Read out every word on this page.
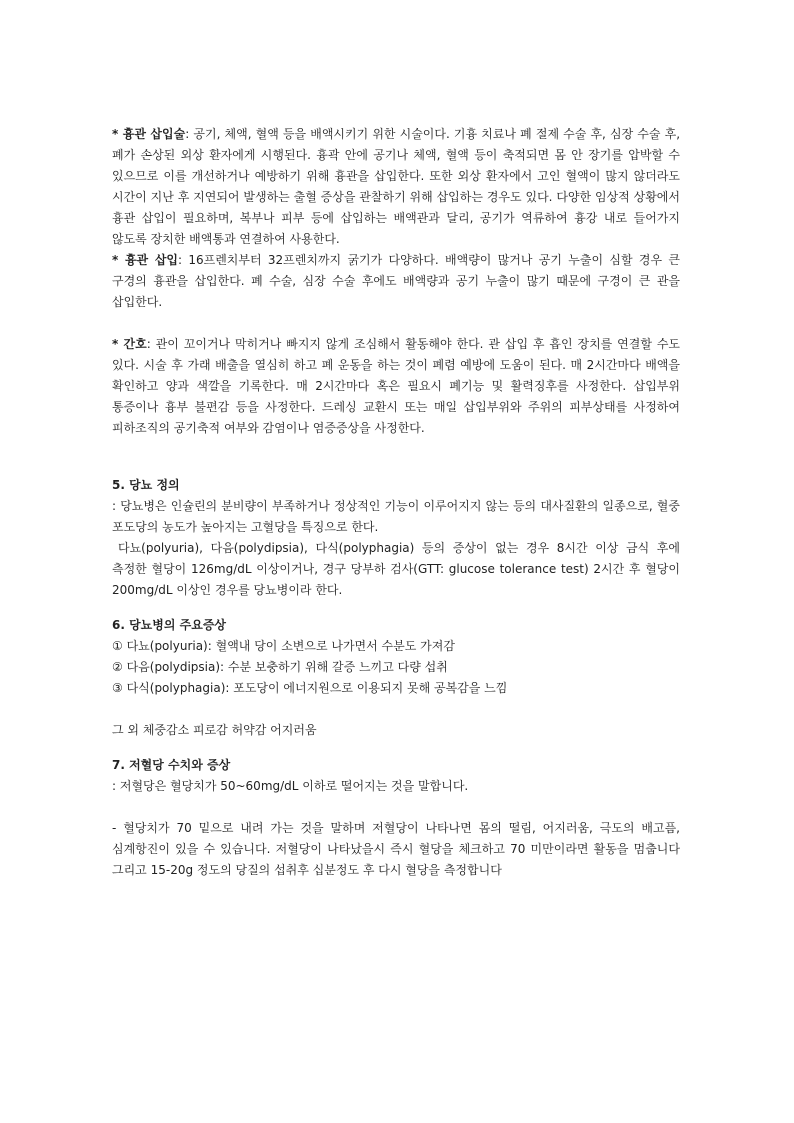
* 흉관 삽입술: 공기, 체액, 혈액 등을 배액시키기 위한 시술이다. 기흉 치료나 폐 절제 수술 후, 심장 수술 후, 폐가 손상된 외상 환자에게 시행된다. 흉곽 안에 공기나 체액, 혈액 등이 축적되면 몸 안 장기를 압박할 수 있으므로 이를 개선하거나 예방하기 위해 흉관을 삽입한다. 또한 외상 환자에서 고인 혈액이 많지 않더라도 시간이 지난 후 지연되어 발생하는 출혈 증상을 관찰하기 위해 삽입하는 경우도 있다. 다양한 임상적 상황에서 흉관 삽입이 필요하며, 복부나 피부 등에 삽입하는 배액관과 달리, 공기가 역류하여 흉강 내로 들어가지 않도록 장치한 배액통과 연결하여 사용한다.

* 흉관 삽입: 16프렌치부터 32프렌치까지 굵기가 다양하다. 배액량이 많거나 공기 누출이 심할 경우 큰 구경의 흉관을 삽입한다. 폐 수술, 심장 수술 후에도 배액량과 공기 누출이 많기 때문에 구경이 큰 관을 삽입한다.

* 간호: 관이 꼬이거나 막히거나 빠지지 않게 조심해서 활동해야 한다. 관 삽입 후 흡인 장치를 연결할 수도 있다. 시술 후 가래 배출을 열심히 하고 폐 운동을 하는 것이 폐렴 예방에 도움이 된다. 매 2시간마다 배액을 확인하고 양과 색깔을 기록한다. 매 2시간마다 혹은 필요시 폐기능 및 활력징후를 사정한다. 삽입부위 통증이나 흉부 불편감 등을 사정한다. 드레싱 교환시 또는 매일 삽입부위와 주위의 피부상태를 사정하여 피하조직의 공기축적 여부와 감염이나 염증증상을 사정한다.

5. 당뇨 정의

: 당뇨병은 인슐린의 분비량이 부족하거나 정상적인 기능이 이루어지지 않는 등의 대사질환의 일종으로, 혈중 포도당의 농도가 높아지는 고혈당을 특징으로 한다.

다뇨(polyuria), 다음(polydipsia), 다식(polyphagia) 등의 증상이 없는 경우 8시간 이상 금식 후에 측정한 혈당이 126mg/dL 이상이거나, 경구 당부하 검사(GTT: glucose tolerance test) 2시간 후 혈당이 200mg/dL 이상인 경우를 당뇨병이라 한다.

6. 당뇨병의 주요증상

① 다뇨(polyuria): 혈액내 당이 소변으로 나가면서 수분도 가져감

② 다음(polydipsia): 수분 보충하기 위해 갈증 느끼고 다량 섭취

③ 다식(polyphagia): 포도당이 에너지원으로 이용되지 못해 공복감을 느낌

그 외 체중감소 피로감 허약감 어지러움

7. 저혈당 수치와 증상

: 저혈당은 혈당치가 50~60mg/dL 이하로 떨어지는 것을 말합니다.

- 혈당치가 70 밑으로 내려 가는 것을 말하며 저혈당이 나타나면 몸의 떨림, 어지러움, 극도의 배고픔, 심계항진이 있을 수 있습니다. 저혈당이 나타났을시 즉시 혈당을 체크하고 70 미만이라면 활동을 멈춥니다 그리고 15-20g 정도의 당질의 섭취후 십분정도 후 다시 혈당을 측정합니다
